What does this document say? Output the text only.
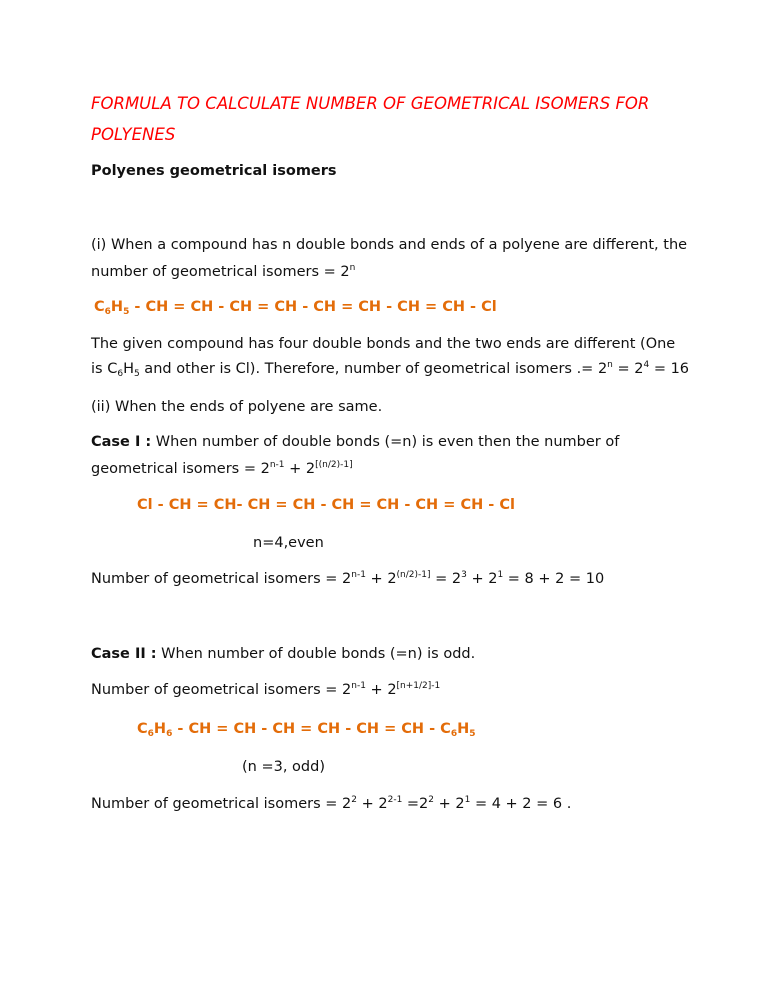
FORMULA TO CALCULATE NUMBER OF GEOMETRICAL ISOMERS FOR
POLYENES
Polyenes geometrical isomers
(i) When a compound has n double bonds and ends of a polyene are different, the
number of geometrical isomers = $2^n$
$C_6H_5$ - CH = CH - CH = CH - CH = CH - CH = CH - Cl
The given compound has four double bonds and the two ends are different (One
is $C_6H_5$ and other is Cl). Therefore, number of geometrical isomers .= $2^n = 2^4 = 16$
(ii) When the ends of polyene are same.
Case I : When number of double bonds (=n) is even then the number of
geometrical isomers = $2^{n-1} + 2[(n/2)-1]$
Cl - CH = CH- CH = CH - CH = CH - CH = CH - Cl
n=4,even
Number of geometrical isomers = $2^{n-1} + 2^{(n/2)-1]} = 2^3 + 2^1 = 8 + 2 = 10$
Case II : When number of double bonds (=n) is odd.
Number of geometrical isomers = $2^{n-1} + 2^{[n+1/2]-1}$
$C_6H_6$ - CH = CH - CH = CH - CH = CH - $C_6H_5$
(n =3, odd)
Number of geometrical isomers = $2^2 + 2^{2-1} =2^2 + 2^1 = 4 + 2 = 6$ .
